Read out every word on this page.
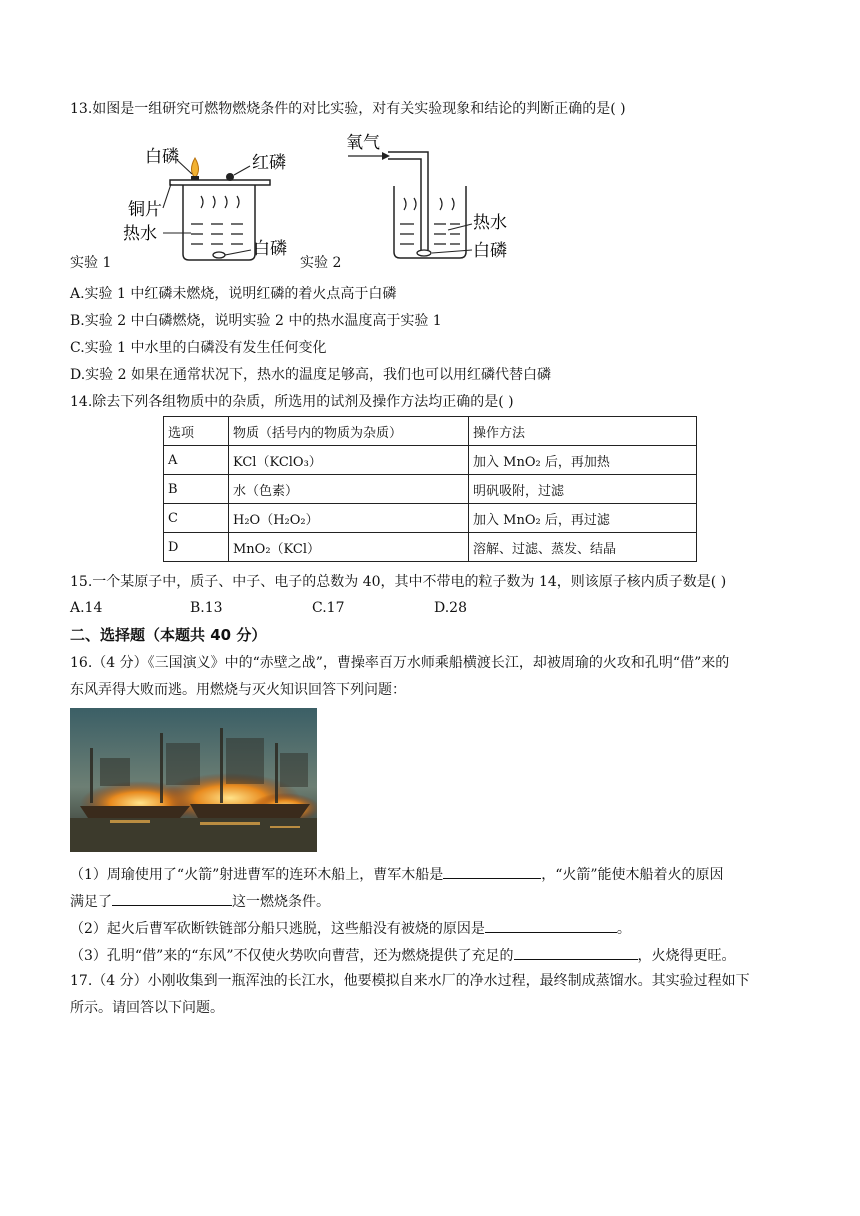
13.如图是一组研究可燃物燃烧条件的对比实验，对有关实验现象和结论的判断正确的是( )
白磷	红磷
铜片
热水
白磷
实验 1
氧气
热水
白磷
实验 2
A.实验 1 中红磷未燃烧，说明红磷的着火点高于白磷
B.实验 2 中白磷燃烧，说明实验 2 中的热水温度高于实验 1
C.实验 1 中水里的白磷没有发生任何变化
D.实验 2 如果在通常状况下，热水的温度足够高，我们也可以用红磷代替白磷
14.除去下列各组物质中的杂质，所选用的试剂及操作方法均正确的是( )
选项	物质（括号内的物质为杂质）	操作方法
A	KCl（KClO₃）	加入 MnO₂ 后，再加热
B	水（色素）	明矾吸附，过滤
C	H₂O（H₂O₂）	加入 MnO₂ 后，再过滤
D	MnO₂（KCl）	溶解、过滤、蒸发、结晶
15.一个某原子中，质子、中子、电子的总数为 40，其中不带电的粒子数为 14，则该原子核内质子数是( )
A.14	B.13	C.17	D.28
二、选择题（本题共 40 分）
16.（4 分）《三国演义》中的“赤壁之战”，曹操率百万水师乘船横渡长江，却被周瑜的火攻和孔明“借”来的
东风弄得大败而逃。用燃烧与灭火知识回答下列问题：
（1）周瑜使用了“火箭”射进曹军的连环木船上，曹军木船是	，“火箭”能使木船着火的原因
满足了	这一燃烧条件。
（2）起火后曹军砍断铁链部分船只逃脱，这些船没有被烧的原因是	。
（3）孔明“借”来的“东风”不仅使火势吹向曹营，还为燃烧提供了充足的	，火烧得更旺。
17.（4 分）小刚收集到一瓶浑浊的长江水，他要模拟自来水厂的净水过程，最终制成蒸馏水。其实验过程如下
所示。请回答以下问题。
